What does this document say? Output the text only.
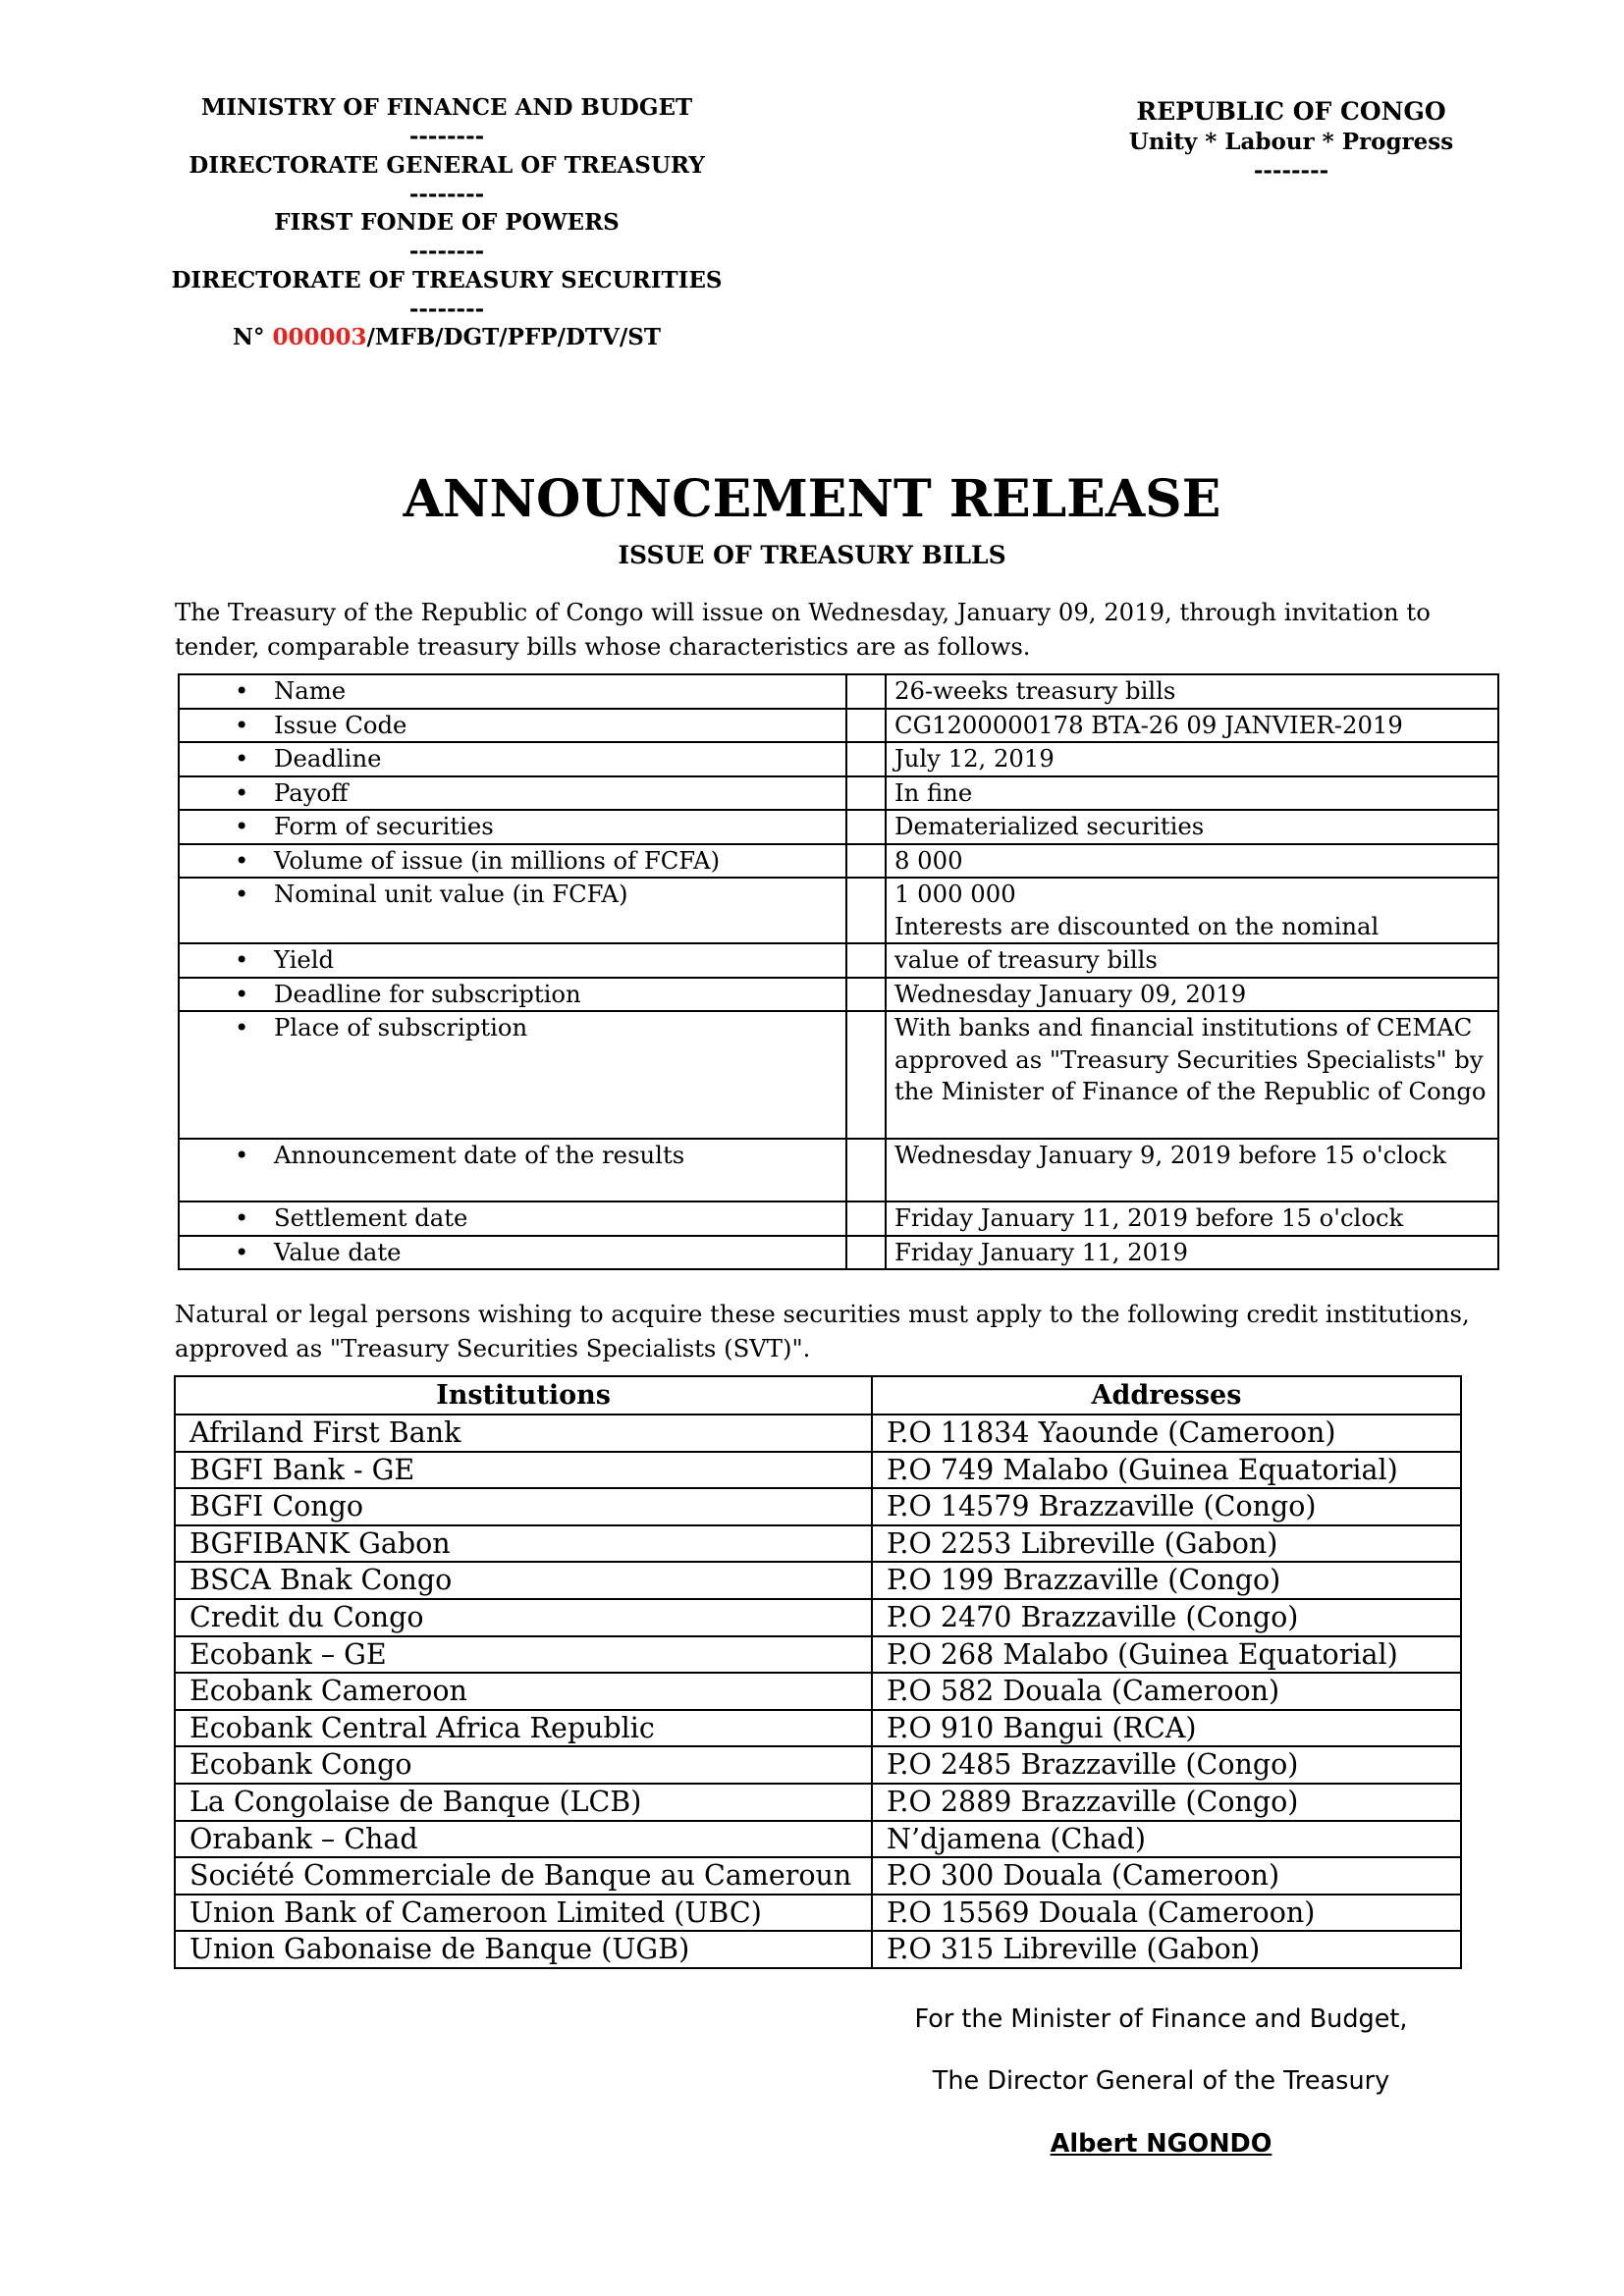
MINISTRY OF FINANCE AND BUDGET
--------
DIRECTORATE GENERAL OF TREASURY
--------
FIRST FONDE OF POWERS
--------
DIRECTORATE OF TREASURY SECURITIES
--------
N° 000003/MFB/DGT/PFP/DTV/ST
REPUBLIC OF CONGO
Unity * Labour * Progress
--------
ANNOUNCEMENT RELEASE
ISSUE OF TREASURY BILLS
The Treasury of the Republic of Congo will issue on Wednesday, January 09, 2019, through invitation to tender, comparable treasury bills whose characteristics are as follows.
• Name		26-weeks treasury bills

• Issue Code		CG1200000178 BTA-26 09 JANVIER-2019

• Deadline		July 12, 2019

• Payoff		In fine

• Form of securities		Dematerialized securities

• Volume of issue (in millions of FCFA)		8 000

• Nominal unit value (in FCFA)		1 000 000
Interests are discounted on the nominal

• Yield		value of treasury bills

• Deadline for subscription		Wednesday January 09, 2019

• Place of subscription		With banks and financial institutions of CEMAC approved as "Treasury Securities Specialists" by the Minister of Finance of the Republic of Congo

• Announcement date of the results		Wednesday January 9, 2019 before 15 o'clock

• Settlement date		Friday January 11, 2019 before 15 o'clock

• Value date		Friday January 11, 2019
Natural or legal persons wishing to acquire these securities must apply to the following credit institutions, approved as "Treasury Securities Specialists (SVT)".
Institutions	Addresses
Afriland First Bank	P.O 11834 Yaounde (Cameroon)
BGFI Bank - GE	P.O 749 Malabo (Guinea Equatorial)
BGFI Congo	P.O 14579 Brazzaville (Congo)
BGFIBANK Gabon	P.O 2253 Libreville (Gabon)
BSCA Bnak Congo	P.O 199 Brazzaville (Congo)
Credit du Congo	P.O 2470 Brazzaville (Congo)
Ecobank – GE	P.O 268 Malabo (Guinea Equatorial)
Ecobank Cameroon	P.O 582 Douala (Cameroon)
Ecobank Central Africa Republic	P.O 910 Bangui (RCA)
Ecobank Congo	P.O 2485 Brazzaville (Congo)
La Congolaise de Banque (LCB)	P.O 2889 Brazzaville (Congo)
Orabank – Chad	N’djamena (Chad)
Société Commerciale de Banque au Cameroun	P.O 300 Douala (Cameroon)
Union Bank of Cameroon Limited (UBC)	P.O 15569 Douala (Cameroon)
Union Gabonaise de Banque (UGB)	P.O 315 Libreville (Gabon)
For the Minister of Finance and Budget,
The Director General of the Treasury
Albert NGONDO
